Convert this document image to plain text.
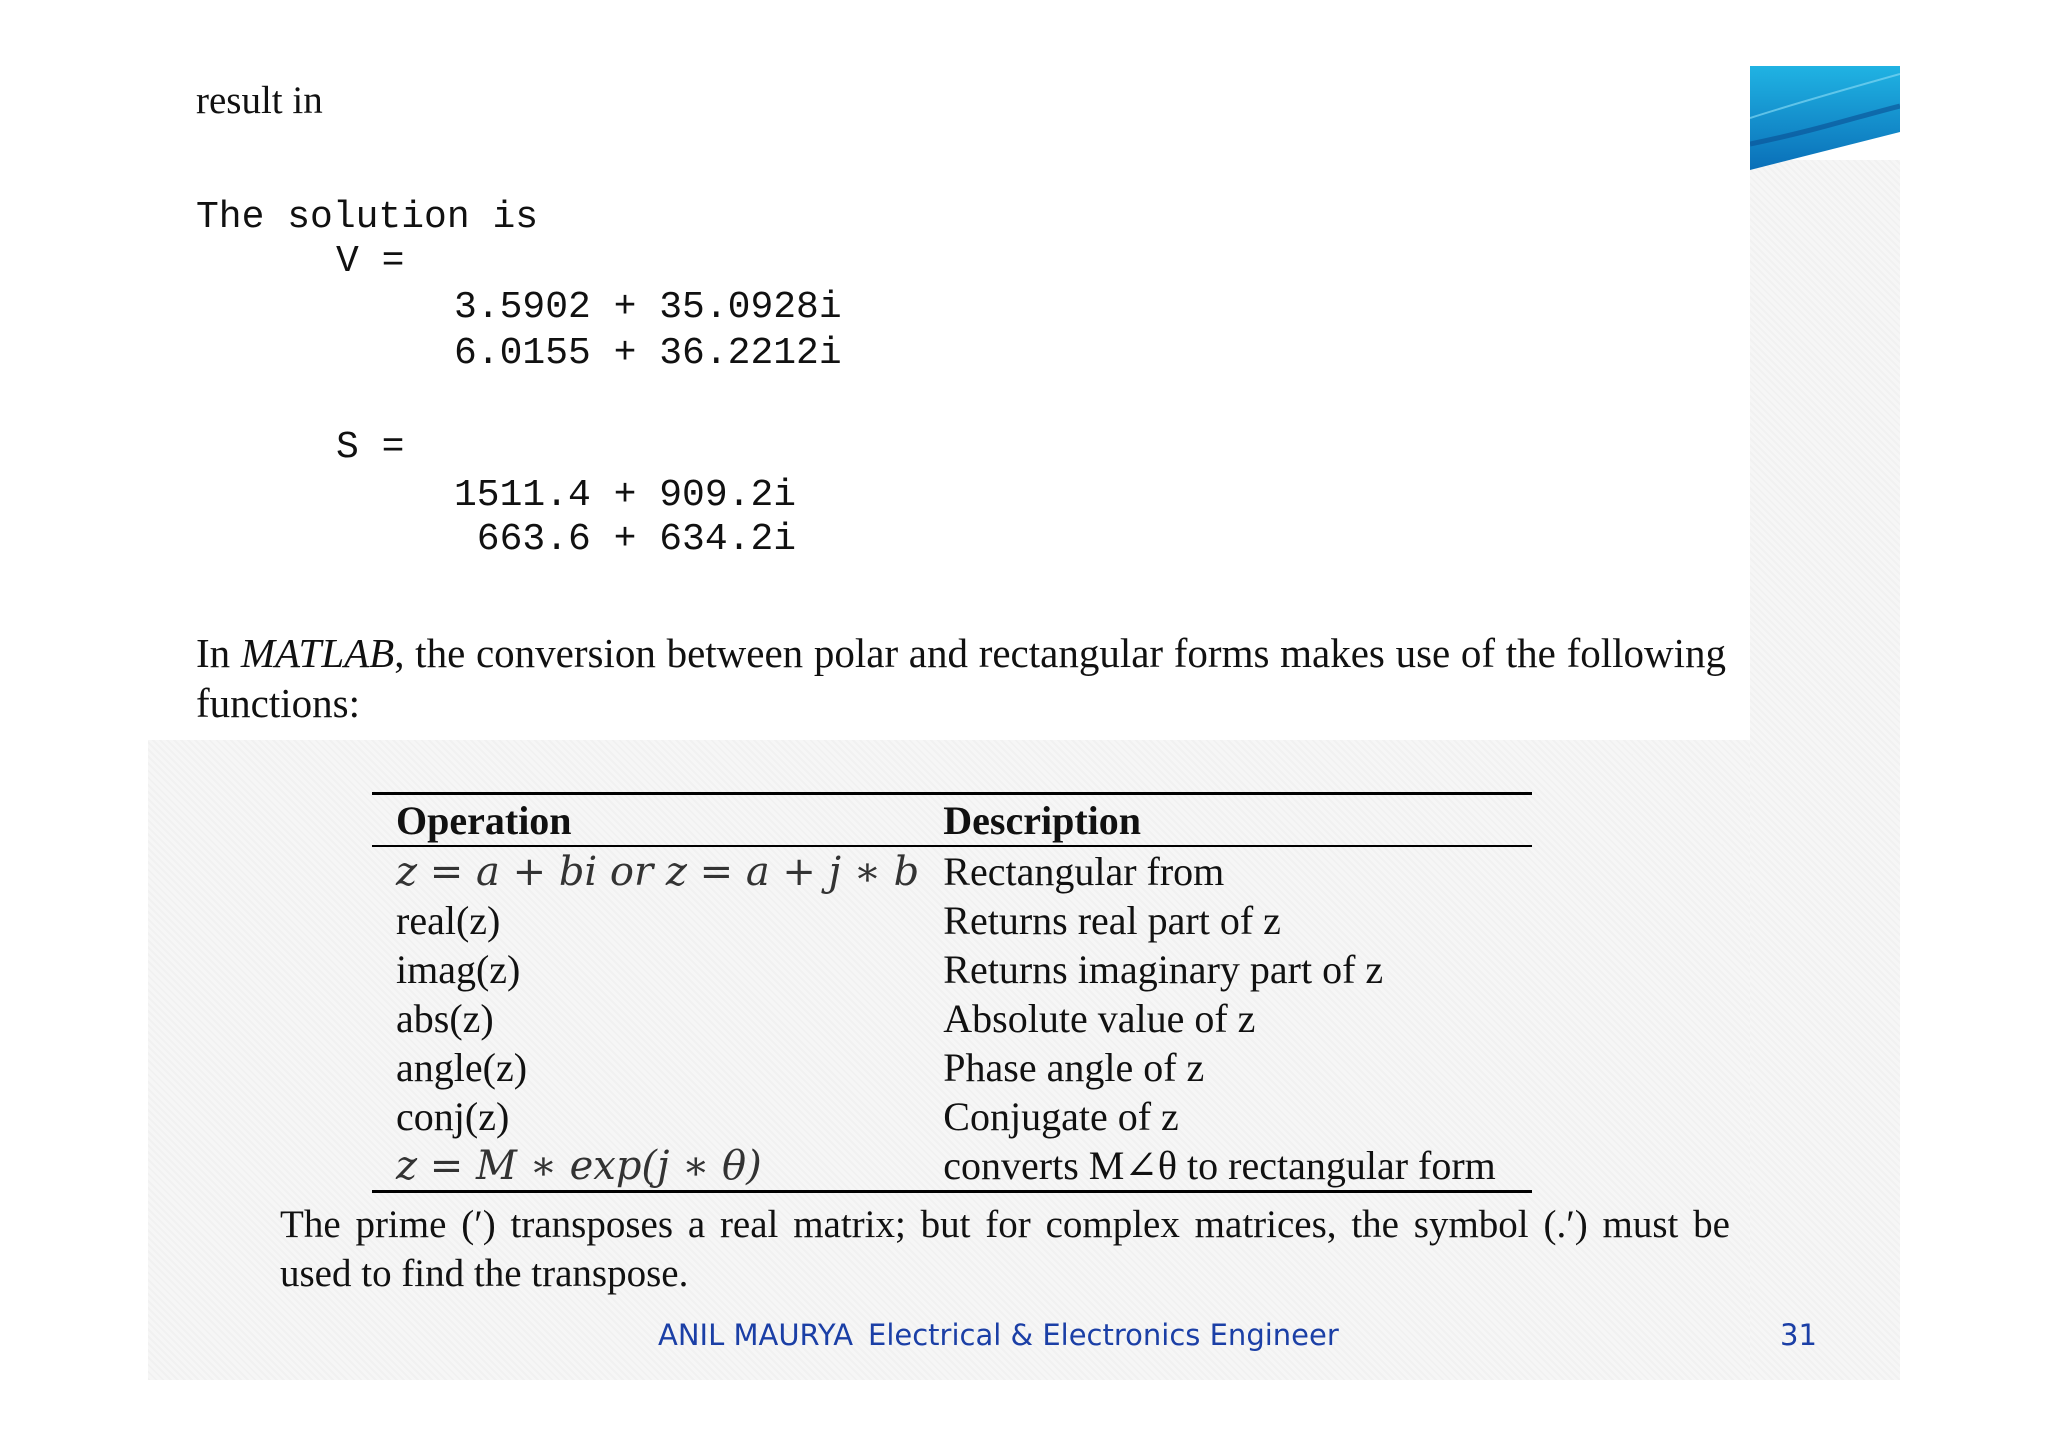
result in
The solution is
V =
3.5902 + 35.0928i
6.0155 + 36.2212i
S =
1511.4 + 909.2i
663.6 + 634.2i
In MATLAB, the conversion between polar and rectangular forms makes use of the following functions:
Operation	Description
z = a + bi or z = a + j ∗ b	Rectangular from
real(z)	Returns real part of z
imag(z)	Returns imaginary part of z
abs(z)	Absolute value of z
angle(z)	Phase angle of z
conj(z)	Conjugate of z
z = M ∗ exp(j ∗ θ)	converts M∠θ to rectangular form
The prime (′) transposes a real matrix; but for complex matrices, the symbol (.′) must be used to find the transpose.
ANIL MAURYA Electrical & Electronics Engineer	31
